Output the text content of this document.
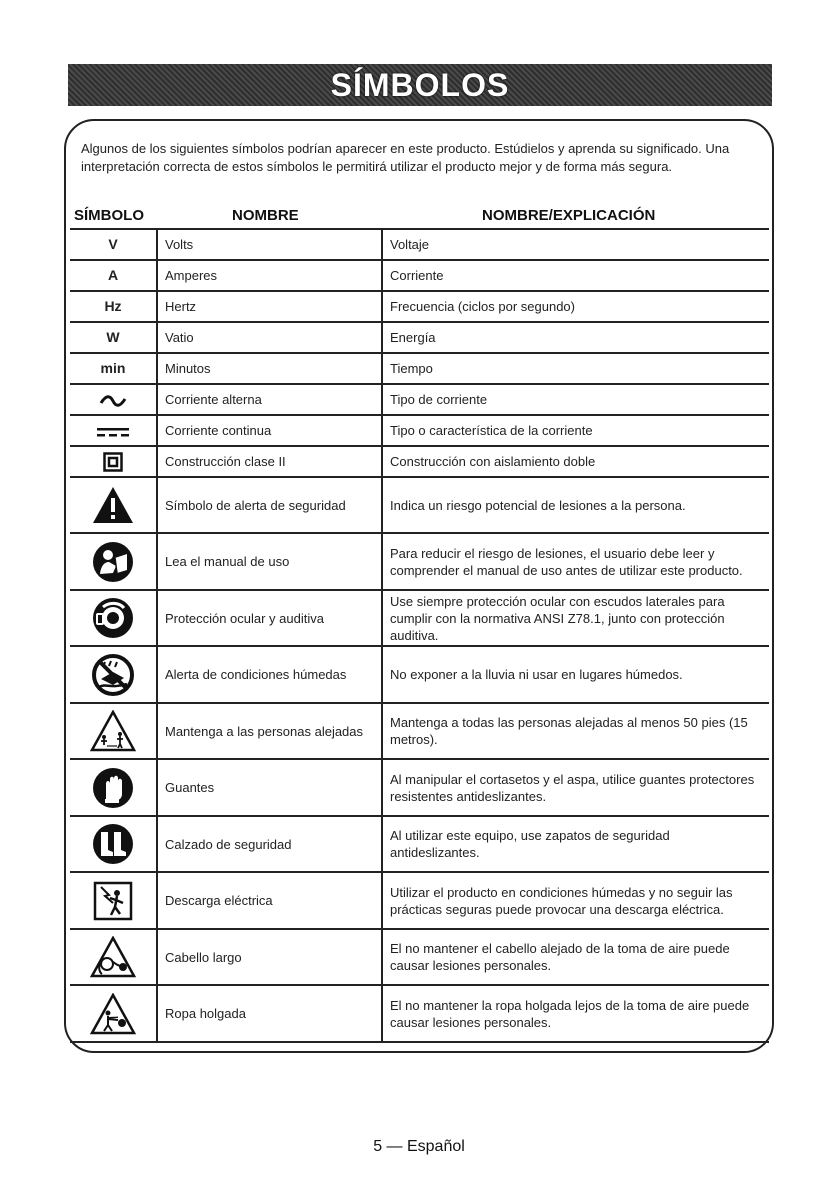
SÍMBOLOS

Algunos de los siguientes símbolos podrían aparecer en este producto. Estúdielos y aprenda su significado. Una interpretación correcta de estos símbolos le permitirá utilizar el producto mejor y de forma más segura.

SÍMBOLO	NOMBRE	NOMBRE/EXPLICACIÓN
V	Volts	Voltaje
A	Amperes	Corriente
Hz	Hertz	Frecuencia (ciclos por segundo)
W	Vatio	Energía
min	Minutos	Tiempo
	Corriente alterna	Tipo de corriente
	Corriente continua	Tipo o característica de la corriente
	Construcción clase II	Construcción con aislamiento doble
	Símbolo de alerta de seguridad	Indica un riesgo potencial de lesiones a la persona.
	Lea el manual de uso	Para reducir el riesgo de lesiones, el usuario debe leer y comprender el manual de uso antes de utilizar este producto.
	Protección ocular y auditiva	Use siempre protección ocular con escudos laterales para cumplir con la normativa ANSI Z78.1, junto con protección auditiva.
	Alerta de condiciones húmedas	No exponer a la lluvia ni usar en lugares húmedos.
	Mantenga a las personas alejadas	Mantenga a todas las personas alejadas al menos 50 pies (15 metros).
	Guantes	Al manipular el cortasetos y el aspa, utilice guantes protectores resistentes antideslizantes.
	Calzado de seguridad	Al utilizar este equipo, use zapatos de seguridad antideslizantes.
	Descarga eléctrica	Utilizar el producto en condiciones húmedas y no seguir las prácticas seguras puede provocar una descarga eléctrica.
	Cabello largo	El no mantener el cabello alejado de la toma de aire puede causar lesiones personales.
	Ropa holgada	El no mantener la ropa holgada lejos de la toma de aire puede causar lesiones personales.
5 — Español
